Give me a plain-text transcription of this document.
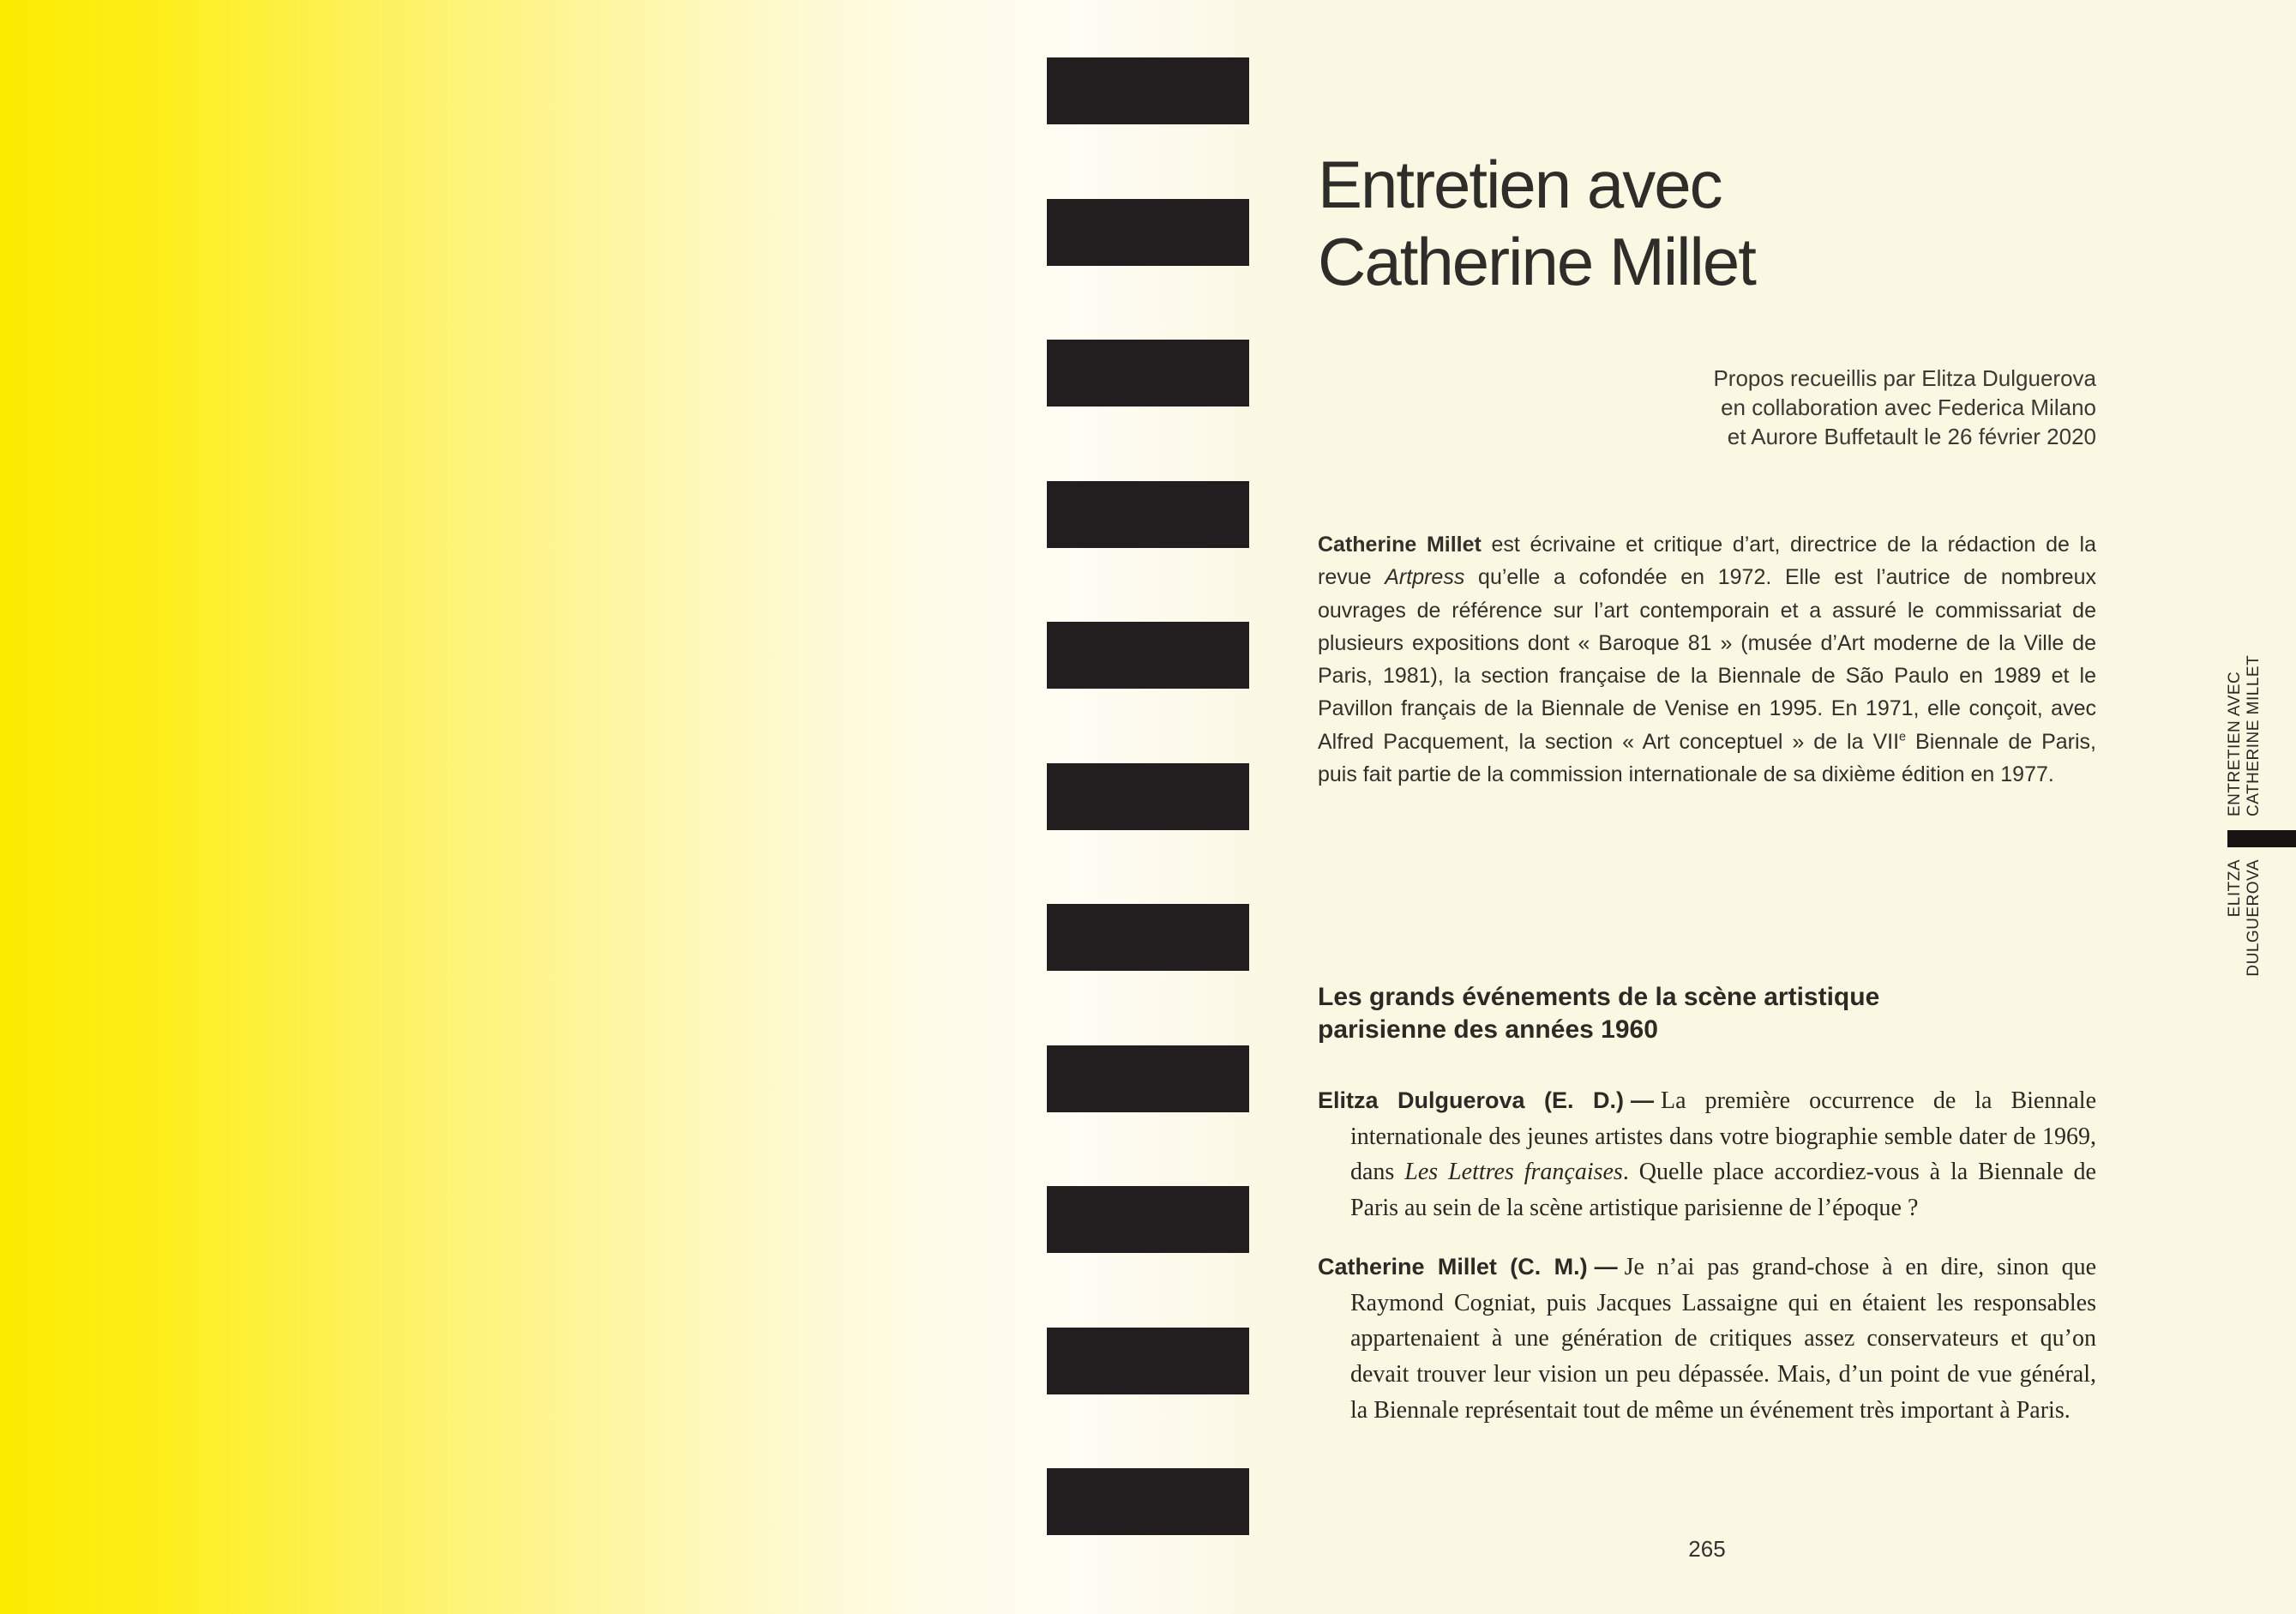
Entretien avec
Catherine Millet
Propos recueillis par Elitza Dulguerova
en collaboration avec Federica Milano
et Aurore Buffetault le 26 février 2020

Catherine Millet est écrivaine et critique d’art, directrice de la rédaction de la revue Artpress qu’elle a cofondée en 1972. Elle est l’autrice de nombreux ouvrages de référence sur l’art contemporain et a assuré le commissariat de plusieurs expositions dont « Baroque 81 » (musée d’Art moderne de la Ville de Paris, 1981), la section française de la Biennale de São Paulo en 1989 et le Pavillon français de la Biennale de Venise en 1995. En 1971, elle conçoit, avec Alfred Pacquement, la section « Art conceptuel » de la VIIe Biennale de Paris, puis fait partie de la commission internationale de sa dixième édition en 1977.

Les grands événements de la scène artistique
parisienne des années 1960

Elitza Dulguerova (E. D.) — La première occurrence de la Biennale internationale des jeunes artistes dans votre biographie semble dater de 1969, dans Les Lettres françaises. Quelle place accordiez-vous à la Biennale de Paris au sein de la scène artistique parisienne de l’époque ?

Catherine Millet (C. M.) — Je n’ai pas grand-chose à en dire, sinon que Raymond Cogniat, puis Jacques Lassaigne qui en étaient les responsables appartenaient à une génération de critiques assez conservateurs et qu’on devait trouver leur vision un peu dépassée. Mais, d’un point de vue général, la Biennale représentait tout de même un événement très important à Paris.

ENTRETIEN AVEC CATHERINE MILLET
ELITZA DULGUEROVA
265
